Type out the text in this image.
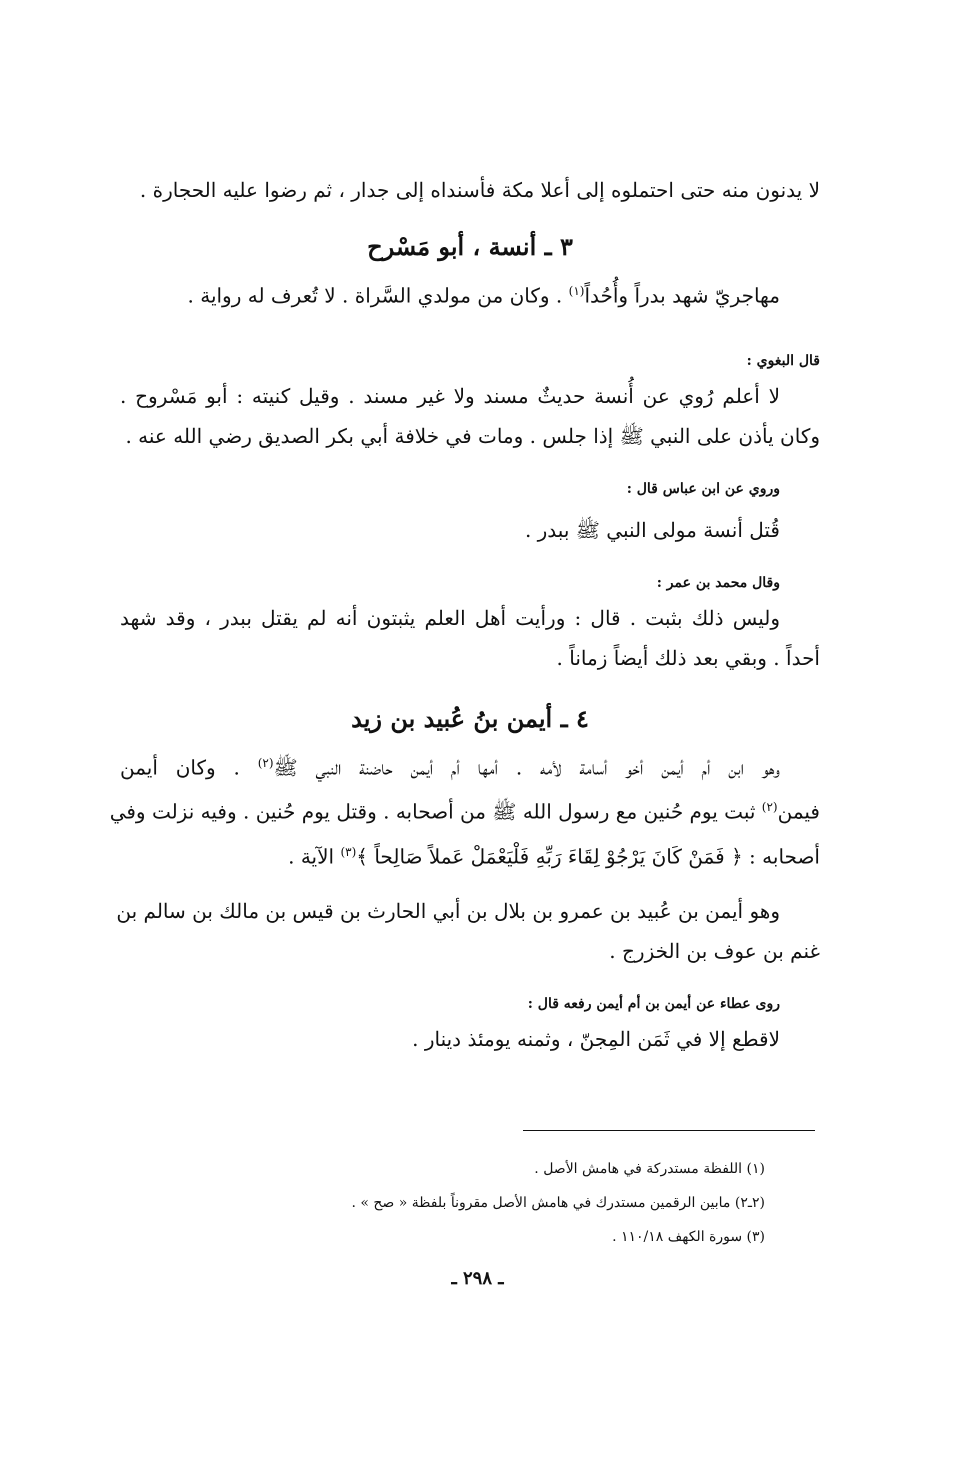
لا يدنون منه حتى احتملوه إلى أعلا مكة فأسنداه إلى جدار ، ثم رضوا عليه الحجارة .
٣ ـ أنسة ، أبو مَسْرح
مهاجريّ شهد بدراً وأُحُداً$^{(١)}$ . وكان من مولدي السَّراة . لا تُعرف له رواية .
قال البغوي :
لا أعلم رُوي عن أُنسة حديثٌ مسند ولا غير مسند . وقيل كنيته : أبو مَسْروح .
وكان يأذن على النبي ﷺ إذا جلس . ومات في خلافة أبي بكر الصديق رضي الله عنه .
وروي عن ابن عباس قال :
قُتل أنسة مولى النبي ﷺ ببدر .
وقال محمد بن عمر :
وليس ذلك بثبت . قال : ورأيت أهل العلم يثبتون أنه لم يقتل ببدر ، وقد شهد
أحداً . وبقي بعد ذلك أيضاً زماناً .
٤ ـ أيمن بنُ عُبيد بن زيد
وهو ابن أم أيمن أخو أسامة لأمه . أمها أم أيمن حاضنة النبي ﷺ$^{(٢)}$ . وكان أيمن
فيمن$^{(٢)}$ ثبت يوم حُنين مع رسول الله ﷺ من أصحابه . وقتل يوم حُنين . وفيه نزلت وفي
أصحابه : ﴿ فَمَنْ كَانَ يَرْجُوْ لِقَاءَ رَبِّهِ فَلْيَعْمَلْ عَملاً صَالِحاً ﴾$^{(٣)}$ الآية .
وهو أيمن بن عُبيد بن عمرو بن بلال بن أبي الحارث بن قيس بن مالك بن سالم بن
غنم بن عوف بن الخزرج .
روى عطاء عن أيمن بن أم أيمن رفعه قال :
لاقطع إلا في ثَمَن المِجنّ ، وثمنه يومئذ دينار .
(١) اللفظة مستدركة في هامش الأصل .
(٢ـ٢) مابين الرقمين مستدرك في هامش الأصل مقروناً بلفظة « صح » .
(٣) سورة الكهف ١١٠/١٨ .
ـ ٢٩٨ ـ
